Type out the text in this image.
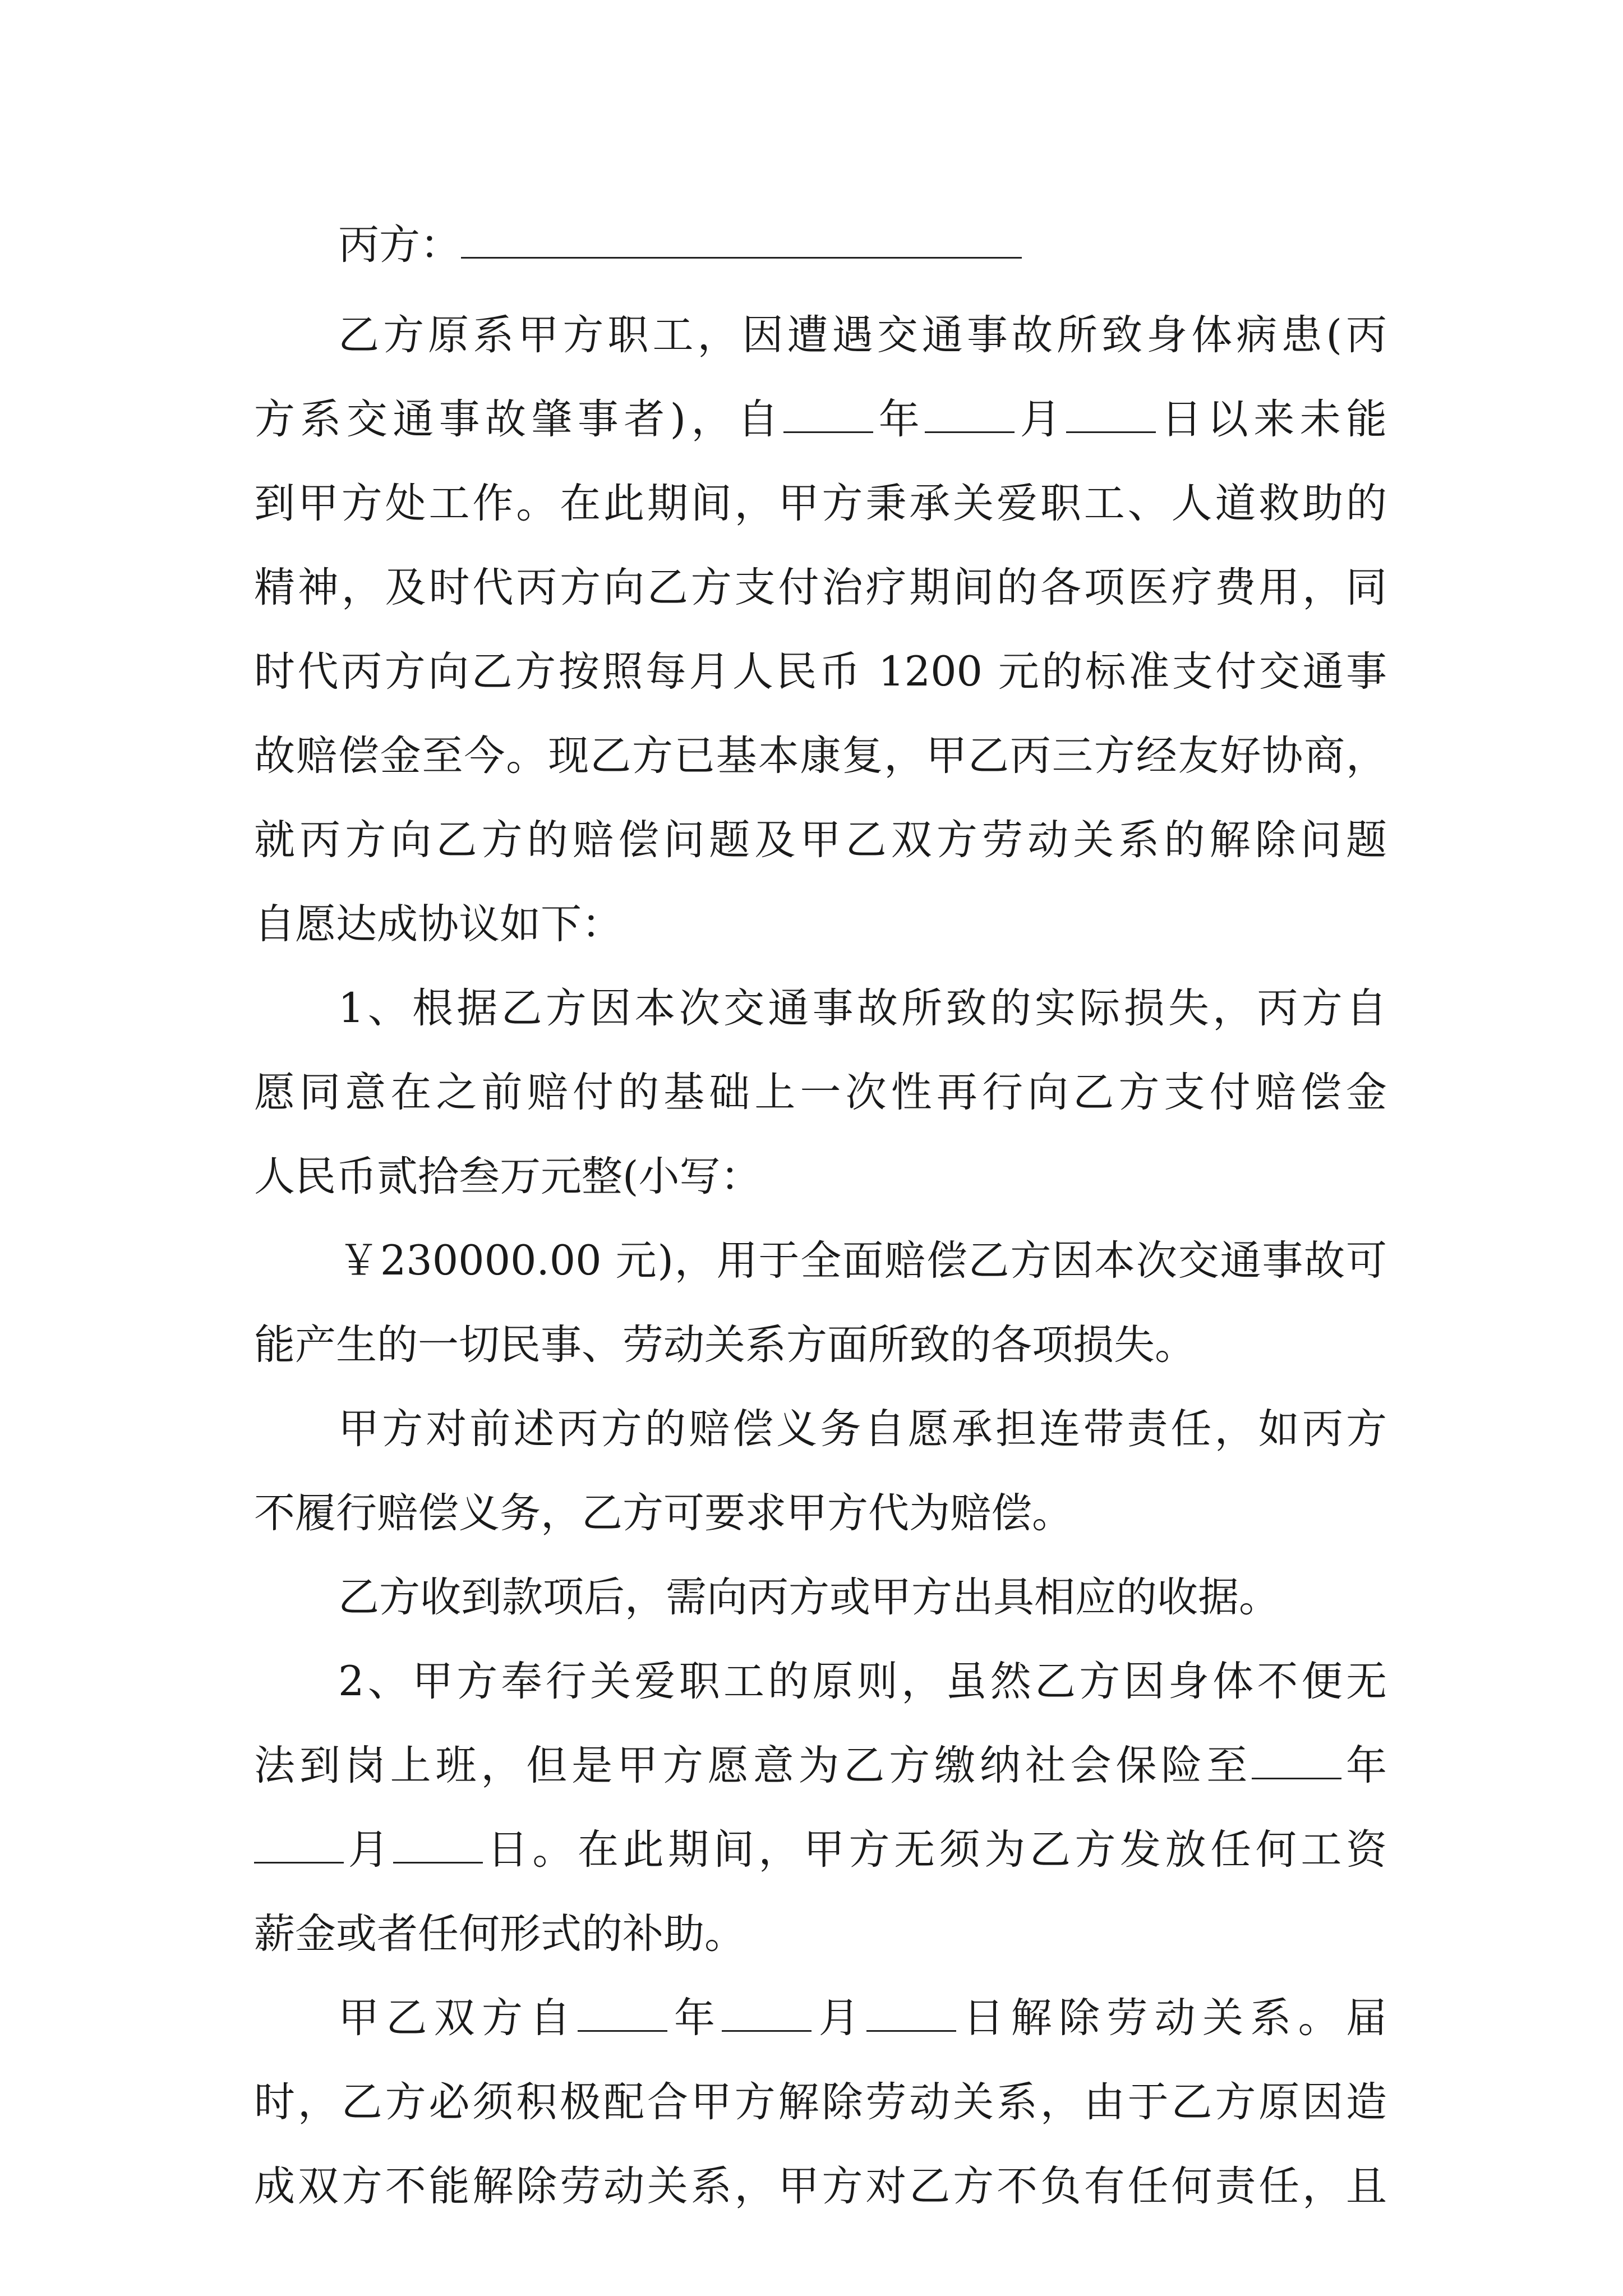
丙方：
乙方原系甲方职工，因遭遇交通事故所致身体病患(丙
方系交通事故肇事者)，自 年 月 日以来未能
到甲方处工作。在此期间，甲方秉承关爱职工、人道救助的
精神，及时代丙方向乙方支付治疗期间的各项医疗费用，同
时代丙方向乙方按照每月人民币 1200 元的标准支付交通事
故赔偿金至今。现乙方已基本康复，甲乙丙三方经友好协商，
就丙方向乙方的赔偿问题及甲乙双方劳动关系的解除问题
自愿达成协议如下：
1、根据乙方因本次交通事故所致的实际损失，丙方自
愿同意在之前赔付的基础上一次性再行向乙方支付赔偿金
人民币贰拾叁万元整(小写：
￥230000.00 元)，用于全面赔偿乙方因本次交通事故可
能产生的一切民事、劳动关系方面所致的各项损失。
甲方对前述丙方的赔偿义务自愿承担连带责任，如丙方
不履行赔偿义务，乙方可要求甲方代为赔偿。
乙方收到款项后，需向丙方或甲方出具相应的收据。
2、甲方奉行关爱职工的原则，虽然乙方因身体不便无
法到岗上班，但是甲方愿意为乙方缴纳社会保险至 年
月 日。在此期间，甲方无须为乙方发放任何工资
薪金或者任何形式的补助。
甲乙双方自 年 月 日解除劳动关系。届
时，乙方必须积极配合甲方解除劳动关系，由于乙方原因造
成双方不能解除劳动关系，甲方对乙方不负有任何责任，且
